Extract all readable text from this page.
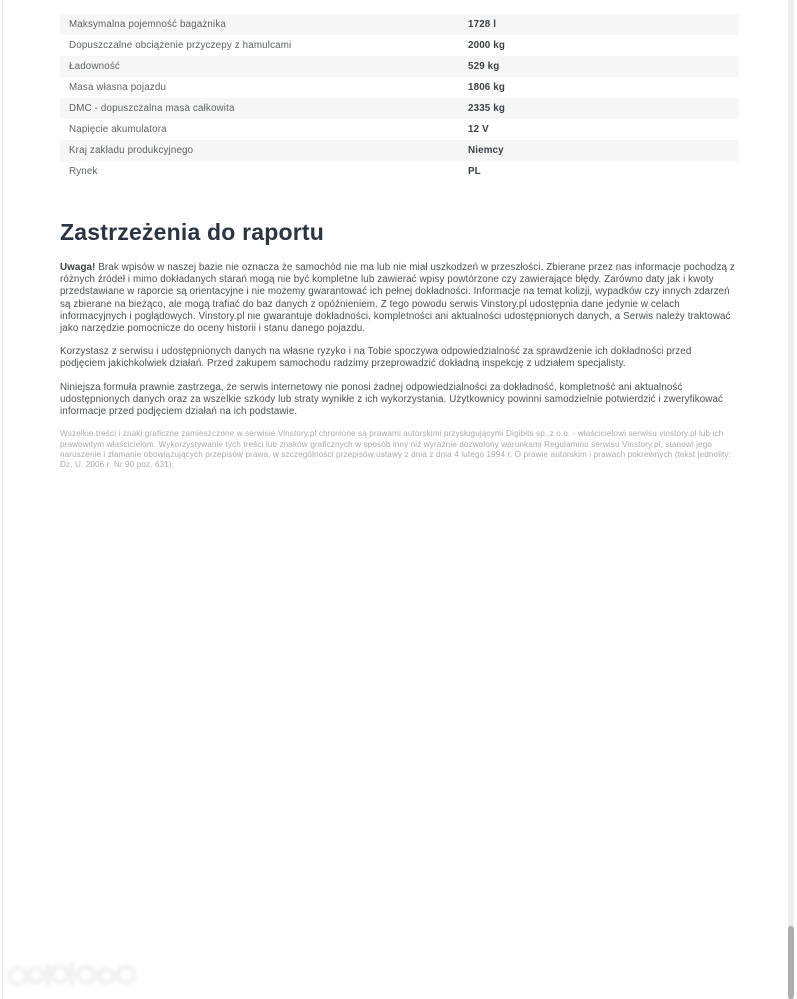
Maksymalna pojemność bagażnika	1728 l
Dopuszczalne obciążenie przyczepy z hamulcami	2000 kg
Ładowność	529 kg
Masa własna pojazdu	1806 kg
DMC - dopuszczalna masa całkowita	2335 kg
Napięcie akumulatora	12 V
Kraj zakładu produkcyjnego	Niemcy
Rynek	PL
Zastrzeżenia do raportu

Uwaga! Brak wpisów w naszej bazie nie oznacza że samochód nie ma lub nie miał uszkodzeń w przeszłości. Zbierane przez nas informacje pochodzą z różnych źródeł i mimo dokładanych starań mogą nie być kompletne lub zawierać wpisy powtórzone czy zawierające błędy. Zarówno daty jak i kwoty przedstawiane w raporcie są orientacyjne i nie możemy gwarantować ich pełnej dokładności. Informacje na temat kolizji, wypadków czy innych zdarzeń są zbierane na bieżąco, ale mogą trafiać do baz danych z opóźnieniem. Z tego powodu serwis Vinstory.pl udostępnia dane jedynie w celach informacyjnych i poglądowych. Vinstory.pl nie gwarantuje dokładności, kompletności ani aktualności udostępnionych danych, a Serwis należy traktować jako narzędzie pomocnicze do oceny historii i stanu danego pojazdu.

Korzystasz z serwisu i udostępnionych danych na własne ryzyko i na Tobie spoczywa odpowiedzialność za sprawdzenie ich dokładności przed podjęciem jakichkolwiek działań. Przed zakupem samochodu radzimy przeprowadzić dokładną inspekcję z udziałem specjalisty.

Niniejsza formuła prawnie zastrzega, że serwis internetowy nie ponosi żadnej odpowiedzialności za dokładność, kompletność ani aktualność udostępnionych danych oraz za wszelkie szkody lub straty wynikłe z ich wykorzystania. Użytkownicy powinni samodzielnie potwierdzić i zweryfikować informacje przed podjęciem działań na ich podstawie.

Wszelkie treści i znaki graficzne zamieszczone w serwisie Vinstory.pl chronione są prawami autorskimi przysługującymi Digibits sp. z o.o. - właścicielowi serwisu vinstory.pl lub ich prawowitym właścicielom. Wykorzystywanie tych treści lub znaków graficznych w sposób inny niż wyraźnie dozwolony warunkami Regulaminu serwisu Vinstory.pl, stanowi jego naruszenie i złamanie obowiązujących przepisów prawa, w szczególności przepisów ustawy z dnia z dnia 4 lutego 1994 r. O prawie autorskim i prawach pokrewnych (tekst jednolity: Dz. U. 2006 r. Nr 90 poz. 631).
